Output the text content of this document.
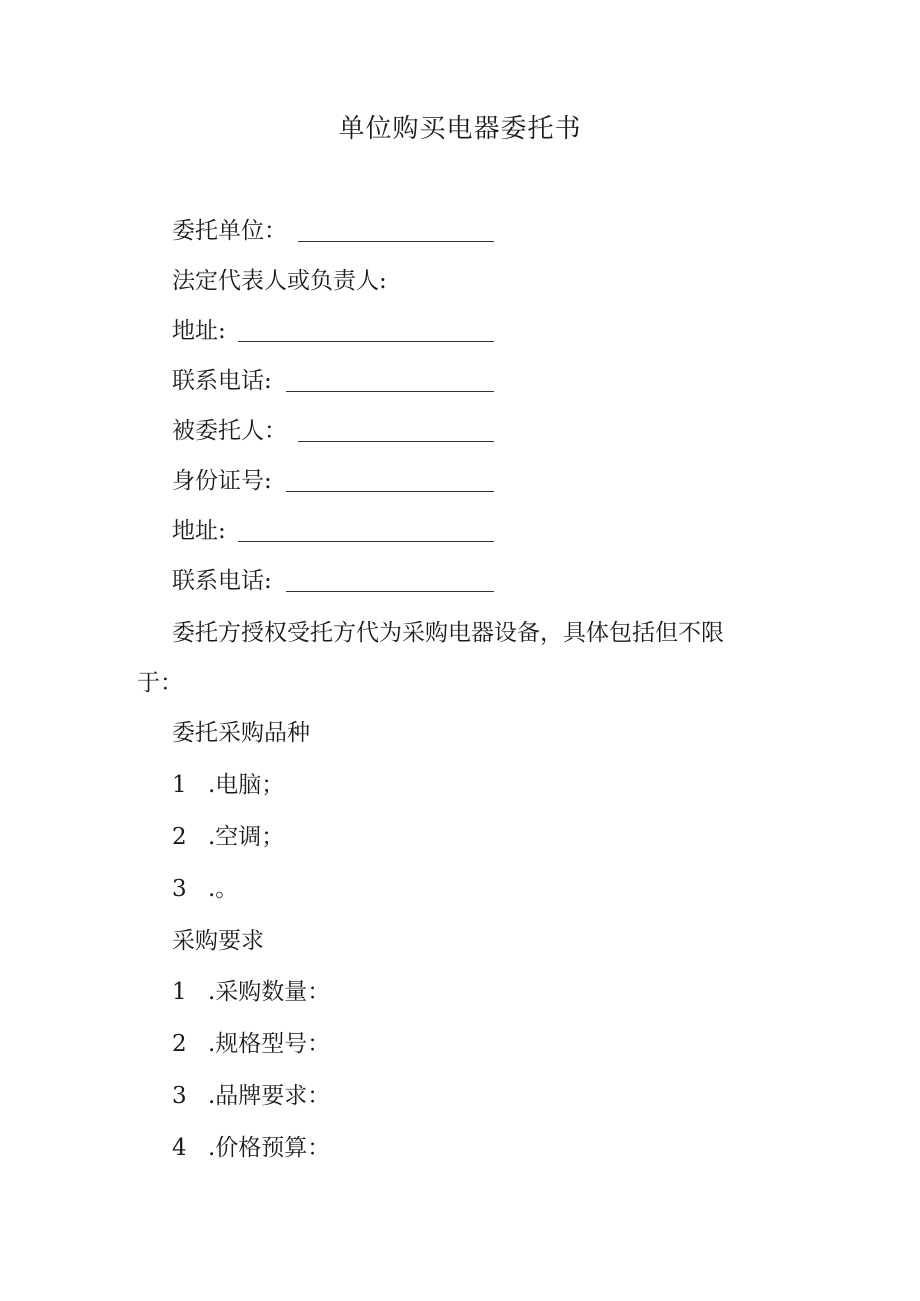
单位购买电器委托书
委托单位：
法定代表人或负责人:
地址:
联系电话:
被委托人：
身份证号:
地址:
联系电话:
委托方授权受托方代为采购电器设备，具体包括但不限
于：
委托采购品种
1 .电脑；
2 .空调；
3 .。
采购要求
1 .采购数量：
2 .规格型号：
3 .品牌要求：
4 .价格预算：
